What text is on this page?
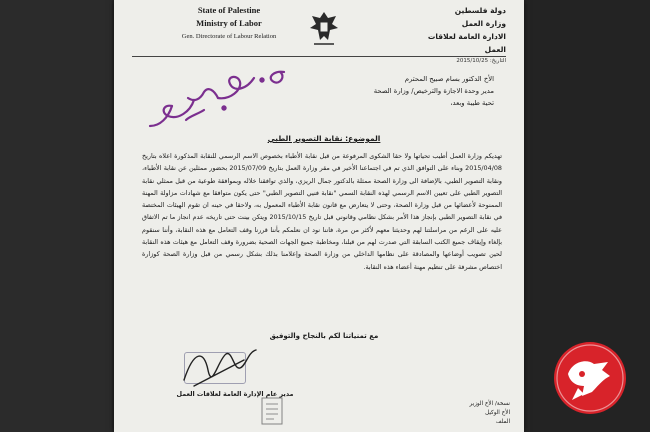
State of Palestine
Ministry of Labor
Gen. Directorate of Labour Relation
دولة فلسطين
وزارة العمل
الادارة العامة لعلاقات العمل
التاريخ: 2015/10/25
الأخ الدكتور بسام صبيح المحترم
مدير وحدة الاجازة والترخيص/ وزارة الصحة
تحية طيبة وبعد،
الموضوع: نقابة التصوير الطبي
تهديكم وزارة العمل أطيب تحياتها ولا حقا الشكوى المرفوعة من قبل نقابة الأطباء بخصوص الاسم الرسمي للنقابة المذكورة اعلاه بتاريخ 2015/04/08 وبناء على التوافق الذي تم في اجتماعنا الأخير في مقر وزارة العمل بتاريخ 2015/07/09 بحضور ممثلين عن نقابة الأطباء، ونقابة التصوير الطبي، بالإضافة الى وزارة الصحة ممثلة بالدكتور جمال الريزي، والذي توافقنا خلاله وبموافقة طوعية من قبل ممثلي نقابة التصوير الطبي على تعيين الاسم الرسمي لهذه النقابة السمي "نقابة فنيي التصوير الطبي" حتى يكون متوافقا مع شهادات مزاولة المهنة الممنوحة لأعضائها من قبل وزارة الصحة، وحتى لا يتعارض مع قانون نقابة الأطباء المعمول به، ولاحقا في حينه ان تقوم الهيئات المختصة في نقابة التصوير الطبي بإنجاز هذا الأمر بشكل نظامي وقانوني قبل تاريخ 2015/10/15 ويتكن بينت حتى تاريخه عدم انجاز ما تم الاتفاق عليه على الرغم من مراسلتنا لهم وحديثنا معهم لأكثر من مرة، فاننا نود ان نعلمكم بأننا قررنا وقف التعامل مع هذه النقابة، وأننا سنقوم بإلغاء وإيقاف جميع الكتب السابقة التي صدرت لهم من قبلنا، ومخاطبة جميع الجهات الصحية بضرورة وقف التعامل مع هيئات هذه النقابة لحين تصويب أوضاعها والمصادقة على نظامها الداخلي من وزارة الصحة وإعلامنا بذلك بشكل رسمي من قبل وزارة الصحة كوزارة اختصاص مشرفة على تنظيم مهنة أعضاء هذه النقابة.
مع تمنياتنا لكم بالنجاح والتوفيق
مدير عام الإدارة العامة لعلاقات العمل
نسخة/ الأخ الوزير
الأخ الوكيل
الملف
